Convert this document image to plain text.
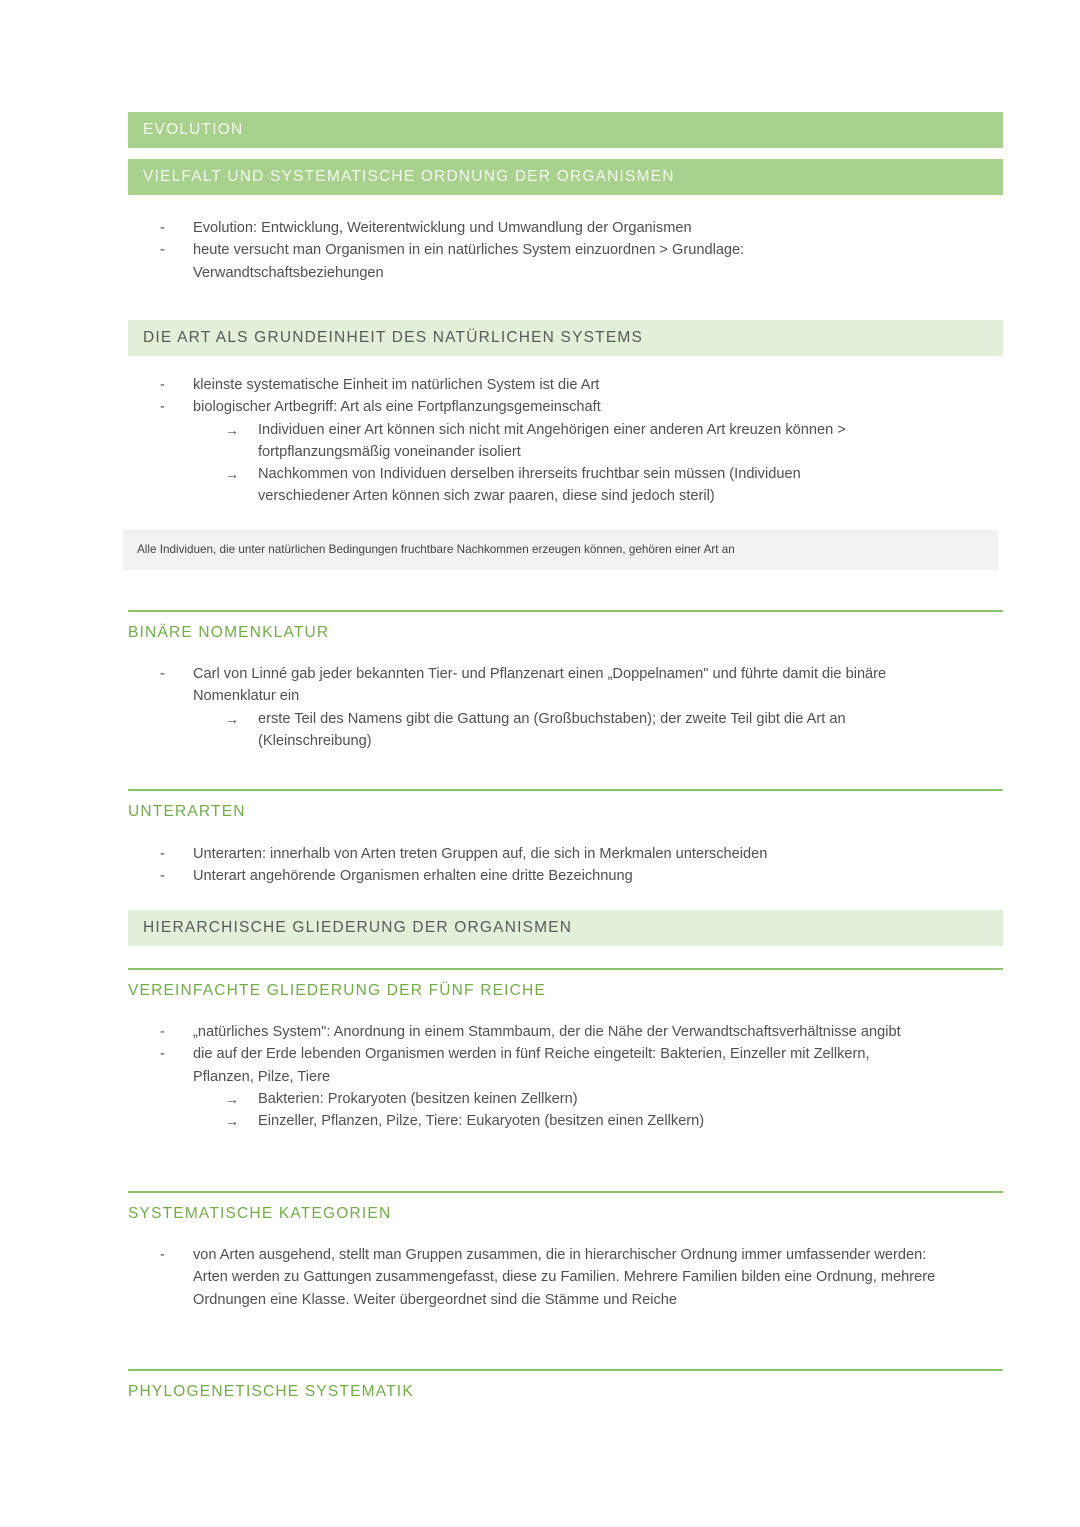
EVOLUTION
VIELFALT UND SYSTEMATISCHE ORDNUNG DER ORGANISMEN
- Evolution: Entwicklung, Weiterentwicklung und Umwandlung der Organismen
- heute versucht man Organismen in ein natürliches System einzuordnen > Grundlage: Verwandtschaftsbeziehungen
DIE ART ALS GRUNDEINHEIT DES NATÜRLICHEN SYSTEMS
- kleinste systematische Einheit im natürlichen System ist die Art
- biologischer Artbegriff: Art als eine Fortpflanzungsgemeinschaft
→ Individuen einer Art können sich nicht mit Angehörigen einer anderen Art kreuzen können > fortpflanzungsmäßig voneinander isoliert
→ Nachkommen von Individuen derselben ihrerseits fruchtbar sein müssen (Individuen verschiedener Arten können sich zwar paaren, diese sind jedoch steril)
Alle Individuen, die unter natürlichen Bedingungen fruchtbare Nachkommen erzeugen können, gehören einer Art an
BINÄRE NOMENKLATUR
- Carl von Linné gab jeder bekannten Tier- und Pflanzenart einen „Doppelnamen" und führte damit die binäre Nomenklatur ein
→ erste Teil des Namens gibt die Gattung an (Großbuchstaben); der zweite Teil gibt die Art an (Kleinschreibung)
UNTERARTEN
- Unterarten: innerhalb von Arten treten Gruppen auf, die sich in Merkmalen unterscheiden
- Unterart angehörende Organismen erhalten eine dritte Bezeichnung
HIERARCHISCHE GLIEDERUNG DER ORGANISMEN
VEREINFACHTE GLIEDERUNG DER FÜNF REICHE
- „natürliches System": Anordnung in einem Stammbaum, der die Nähe der Verwandtschaftsverhältnisse angibt
- die auf der Erde lebenden Organismen werden in fünf Reiche eingeteilt: Bakterien, Einzeller mit Zellkern, Pflanzen, Pilze, Tiere
→ Bakterien: Prokaryoten (besitzen keinen Zellkern)
→ Einzeller, Pflanzen, Pilze, Tiere: Eukaryoten (besitzen einen Zellkern)
SYSTEMATISCHE KATEGORIEN
- von Arten ausgehend, stellt man Gruppen zusammen, die in hierarchischer Ordnung immer umfassender werden: Arten werden zu Gattungen zusammengefasst, diese zu Familien. Mehrere Familien bilden eine Ordnung, mehrere Ordnungen eine Klasse. Weiter übergeordnet sind die Stämme und Reiche
PHYLOGENETISCHE SYSTEMATIK
